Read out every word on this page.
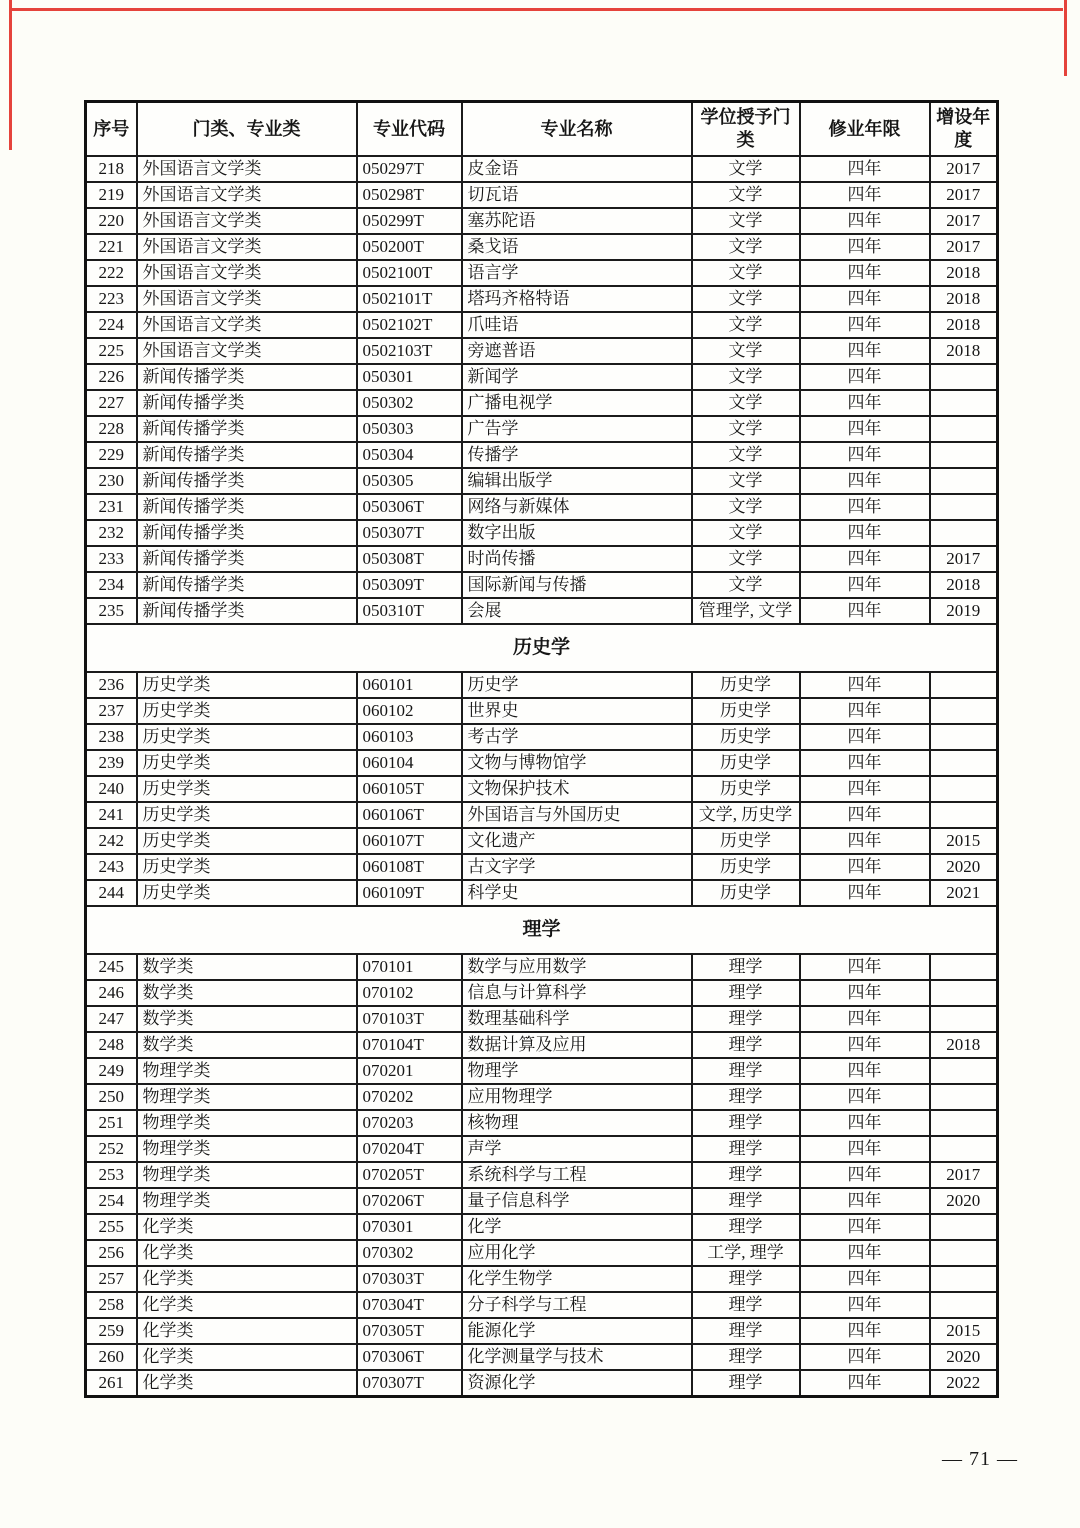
序号	门类、专业类	专业代码	专业名称	学位授予门类	修业年限	增设年度
218	外国语言文学类	050297T	皮金语	文学	四年	2017
219	外国语言文学类	050298T	切瓦语	文学	四年	2017
220	外国语言文学类	050299T	塞苏陀语	文学	四年	2017
221	外国语言文学类	050200T	桑戈语	文学	四年	2017
222	外国语言文学类	0502100T	语言学	文学	四年	2018
223	外国语言文学类	0502101T	塔玛齐格特语	文学	四年	2018
224	外国语言文学类	0502102T	爪哇语	文学	四年	2018
225	外国语言文学类	0502103T	旁遮普语	文学	四年	2018
226	新闻传播学类	050301	新闻学	文学	四年	
227	新闻传播学类	050302	广播电视学	文学	四年	
228	新闻传播学类	050303	广告学	文学	四年	
229	新闻传播学类	050304	传播学	文学	四年	
230	新闻传播学类	050305	编辑出版学	文学	四年	
231	新闻传播学类	050306T	网络与新媒体	文学	四年	
232	新闻传播学类	050307T	数字出版	文学	四年	
233	新闻传播学类	050308T	时尚传播	文学	四年	2017
234	新闻传播学类	050309T	国际新闻与传播	文学	四年	2018
235	新闻传播学类	050310T	会展	管理学, 文学	四年	2019
历史学						
236	历史学类	060101	历史学	历史学	四年	
237	历史学类	060102	世界史	历史学	四年	
238	历史学类	060103	考古学	历史学	四年	
239	历史学类	060104	文物与博物馆学	历史学	四年	
240	历史学类	060105T	文物保护技术	历史学	四年	
241	历史学类	060106T	外国语言与外国历史	文学, 历史学	四年	
242	历史学类	060107T	文化遗产	历史学	四年	2015
243	历史学类	060108T	古文字学	历史学	四年	2020
244	历史学类	060109T	科学史	历史学	四年	2021
理学						
245	数学类	070101	数学与应用数学	理学	四年	
246	数学类	070102	信息与计算科学	理学	四年	
247	数学类	070103T	数理基础科学	理学	四年	
248	数学类	070104T	数据计算及应用	理学	四年	2018
249	物理学类	070201	物理学	理学	四年	
250	物理学类	070202	应用物理学	理学	四年	
251	物理学类	070203	核物理	理学	四年	
252	物理学类	070204T	声学	理学	四年	
253	物理学类	070205T	系统科学与工程	理学	四年	2017
254	物理学类	070206T	量子信息科学	理学	四年	2020
255	化学类	070301	化学	理学	四年	
256	化学类	070302	应用化学	工学, 理学	四年	
257	化学类	070303T	化学生物学	理学	四年	
258	化学类	070304T	分子科学与工程	理学	四年	
259	化学类	070305T	能源化学	理学	四年	2015
260	化学类	070306T	化学测量学与技术	理学	四年	2020
261	化学类	070307T	资源化学	理学	四年	2022
— 71 —
